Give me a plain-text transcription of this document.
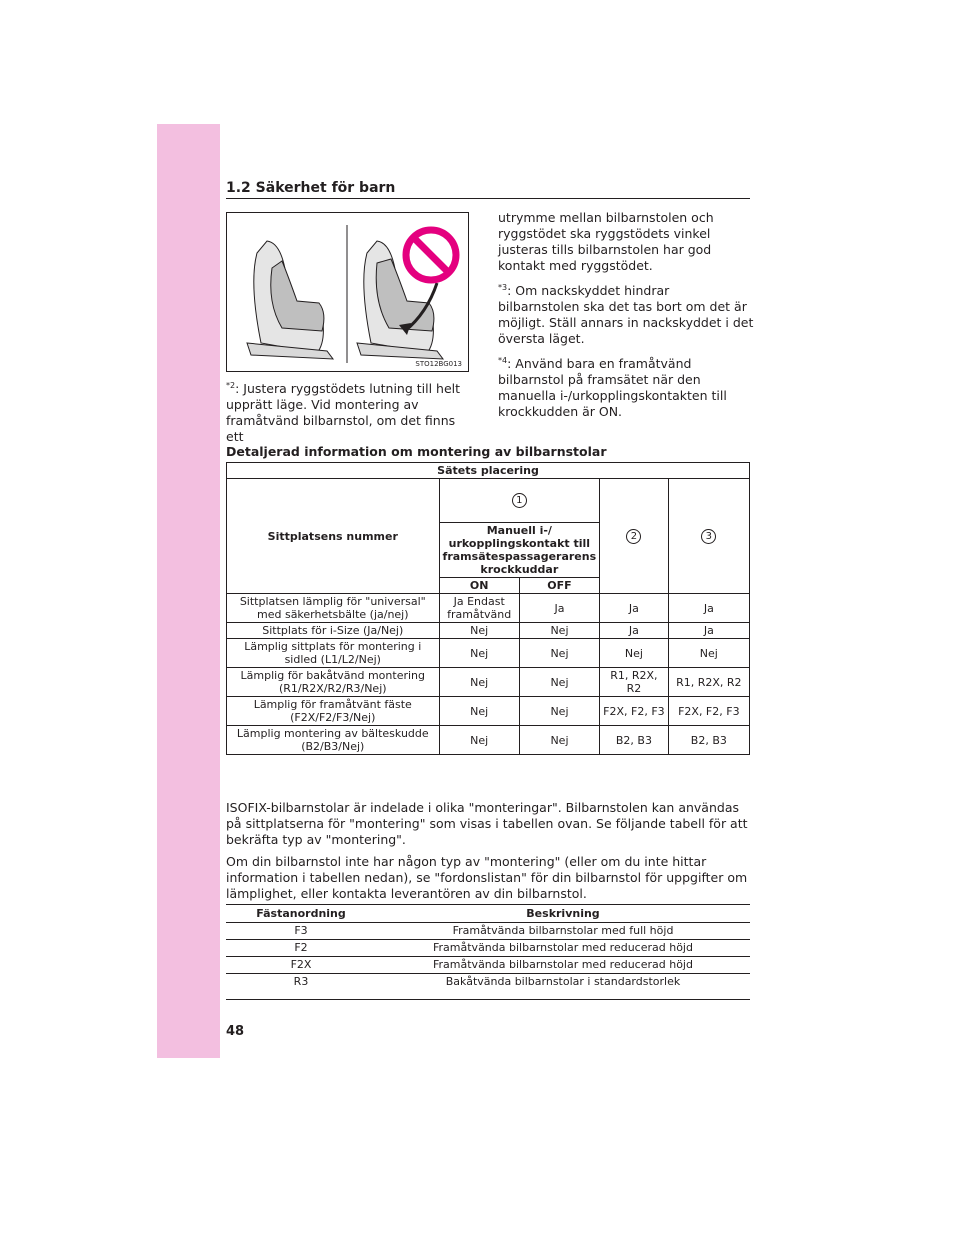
1.2 Säkerhet för barn
STO12BG013

$^{*2}$: Justera ryggstödets lutning till helt upprätt läge. Vid montering av framåtvänd bilbarnstol, om det finns ett

utrymme mellan bilbarnstolen och ryggstödet ska ryggstödets vinkel justeras tills bilbarnstolen har god kontakt med ryggstödet.

$^{*3}$: Om nackskyddet hindrar bilbarnstolen ska det tas bort om det är möjligt. Ställ annars in nackskyddet i det översta läget.

$^{*4}$: Använd bara en framåtvänd bilbarnstol på framsätet när den manuella i-/urkopplingskontakten till krockkudden är ON.

Detaljerad information om montering av bilbarnstolar
Sätets placering				
Sittplatsens nummer	1		2	3
	Manuell i-/ urkopplingskontakt till framsätespassagerarens krockkuddar			
	ON	OFF		
Sittplatsen lämplig för "universal" med säkerhetsbälte (ja/nej)	Ja Endast framåtvänd	Ja	Ja	Ja
Sittplats för i-Size (Ja/Nej)	Nej	Nej	Ja	Ja
Lämplig sittplats för montering i sidled (L1/L2/Nej)	Nej	Nej	Nej	Nej
Lämplig för bakåtvänd montering (R1/R2X/R2/R3/Nej)	Nej	Nej	R1, R2X, R2	R1, R2X, R2
Lämplig för framåtvänt fäste (F2X/F2/F3/Nej)	Nej	Nej	F2X, F2, F3	F2X, F2, F3
Lämplig montering av bälteskudde (B2/B3/Nej)	Nej	Nej	B2, B3	B2, B3

ISOFIX-bilbarnstolar är indelade i olika "monteringar". Bilbarnstolen kan användas på sittplatserna för "montering" som visas i tabellen ovan. Se följande tabell för att bekräfta typ av "montering".

Om din bilbarnstol inte har någon typ av "montering" (eller om du inte hittar information i tabellen nedan), se "fordonslistan" för din bilbarnstol för uppgifter om lämplighet, eller kontakta leverantören av din bilbarnstol.

Fästanordning	Beskrivning
F3	Framåtvända bilbarnstolar med full höjd
F2	Framåtvända bilbarnstolar med reducerad höjd
F2X	Framåtvända bilbarnstolar med reducerad höjd
R3	Bakåtvända bilbarnstolar i standardstorlek

48
